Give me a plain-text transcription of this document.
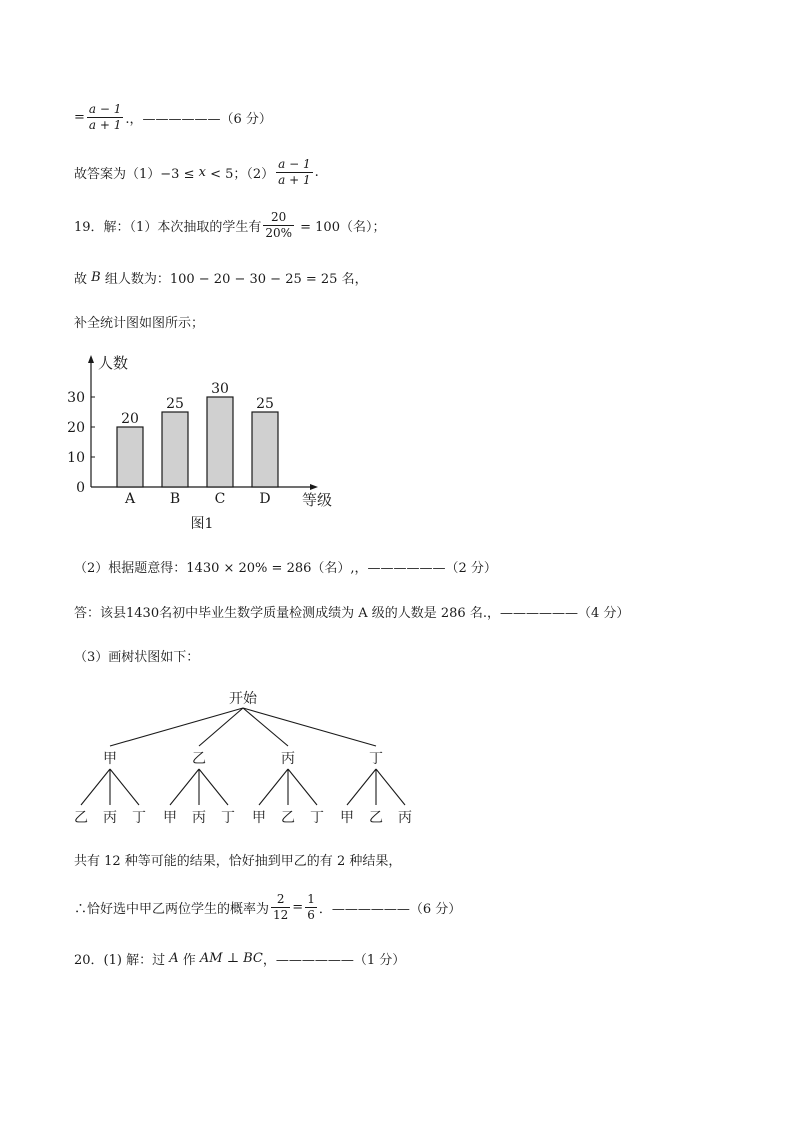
= $\frac{a - 1}{a + 1}$ .，——————（6 分）
故答案为（1）−3 ≤ x < 5；$(2) \frac{a - 1}{a + 1}$ .
19．解：（1）本次抽取的学生有 $\frac{20}{20\%} = 100$（名）；
故 B 组人数为：100 − 20 − 30 − 25 = 25 名，
补全统计图如图所示；
0
10
20
30
人数
等级
20
A
25
B
30
C
25
D
图1
（2）根据题意得：1430 × 20% = 286（名）,，——————（2 分）
答：该县1430名初中毕业生数学质量检测成绩为 A 级的人数是 286 名.，——————（4 分）
（3）画树状图如下：
开始
甲
乙 丙 丁
乙
甲 丙 丁
丙
甲 乙 丁
丁
甲 乙 丙
共有 12 种等可能的结果，恰好抽到甲乙的有 2 种结果，
∴恰好选中甲乙两位学生的概率为 $\frac{2}{12} = \frac{1}{6}$ ．——————（6 分）
20．(1) 解：过 A 作 AM ⊥ BC ，——————（1 分）
